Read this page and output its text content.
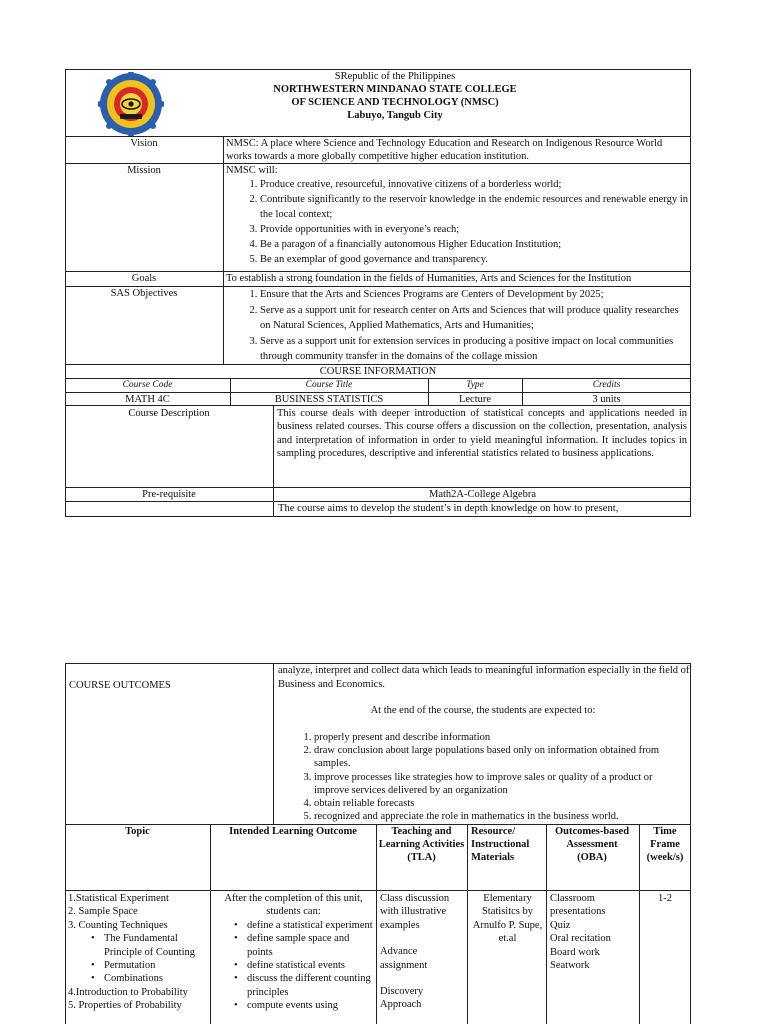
SRepublic of the Philippines
NORTHWESTERN MINDANAO STATE COLLEGE
OF SCIENCE AND TECHNOLOGY (NMSC)
Labuyo, Tangub City
Vision	NMSC: A place where Science and Technology Education and Research on Indigenous Resource World works towards a more globally competitive higher education institution.
Mission	NMSC will:
1. Produce creative, resourceful, innovative citizens of a borderless world;
2. Contribute significantly to the reservoir knowledge in the endemic resources and renewable energy in the local context;
3. Provide opportunities with in everyone’s reach;
4. Be a paragon of a financially autonomous Higher Education Institution;
5. Be an exemplar of good governance and transparency.
Goals	To establish a strong foundation in the fields of Humanities, Arts and Sciences for the Institution
SAS Objectives
1.	Ensure that the Arts and Sciences Programs are Centers of Development by 2025;
2. Serve as a support unit for research center on Arts and Sciences that will produce quality researches on Natural Sciences, Applied Mathematics, Arts and Humanities;
3. Serve as a support unit for extension services in producing a positive impact on local communities through community transfer in the domains of the collage mission
COURSE INFORMATION
Course Code	Course Title	Type	Credits
MATH 4C	BUSINESS STATISTICS	Lecture	3 units
Course Description	This course deals with deeper introduction of statistical concepts and applications needed in business related courses. This course offers a discussion on the collection, presentation, analysis and interpretation of information in order to yield meaningful information. It includes topics in sampling procedures, descriptive and inferential statistics related to business applications.
Pre-requisite	Math2A-College Algebra
The course aims to develop the student’s in depth knowledge on how to present,
COURSE OUTCOMES
analyze, interpret and collect data which leads to meaningful information especially in the field of Business and Economics.
At the end of the course, the students are expected to:
1. properly present and describe information
2. draw conclusion about large populations based only on information obtained from samples.
3. improve processes like strategies how to improve sales or quality of a product or improve services delivered by an organization
4. obtain reliable forecasts
5. recognized and appreciate the role in mathematics in the business world.
Topic	Intended Learning Outcome	Teaching and Learning Activities (TLA)
Resource/ Instructional Materials
Outcomes-based Assessment (OBA)
Time Frame (week/s)
1.Statistical Experiment
2. Sample Space
3. Counting Techniques
• The Fundamental Principle of Counting
• Permutation
• Combinations
4.Introduction to Probability
5. Properties of Probability
After the completion of this unit, students can:
• define a statistical experiment
• define sample space and points
• define statistical events
• discuss the different counting principles
• compute events using
Class discussion with illustrative examples
Advance assignment
Discovery Approach
Elementary Statisitcs by Arnulfo P. Supe, et.al
Classroom presentations
Quiz
Oral recitation
Board work
Seatwork
1-2
